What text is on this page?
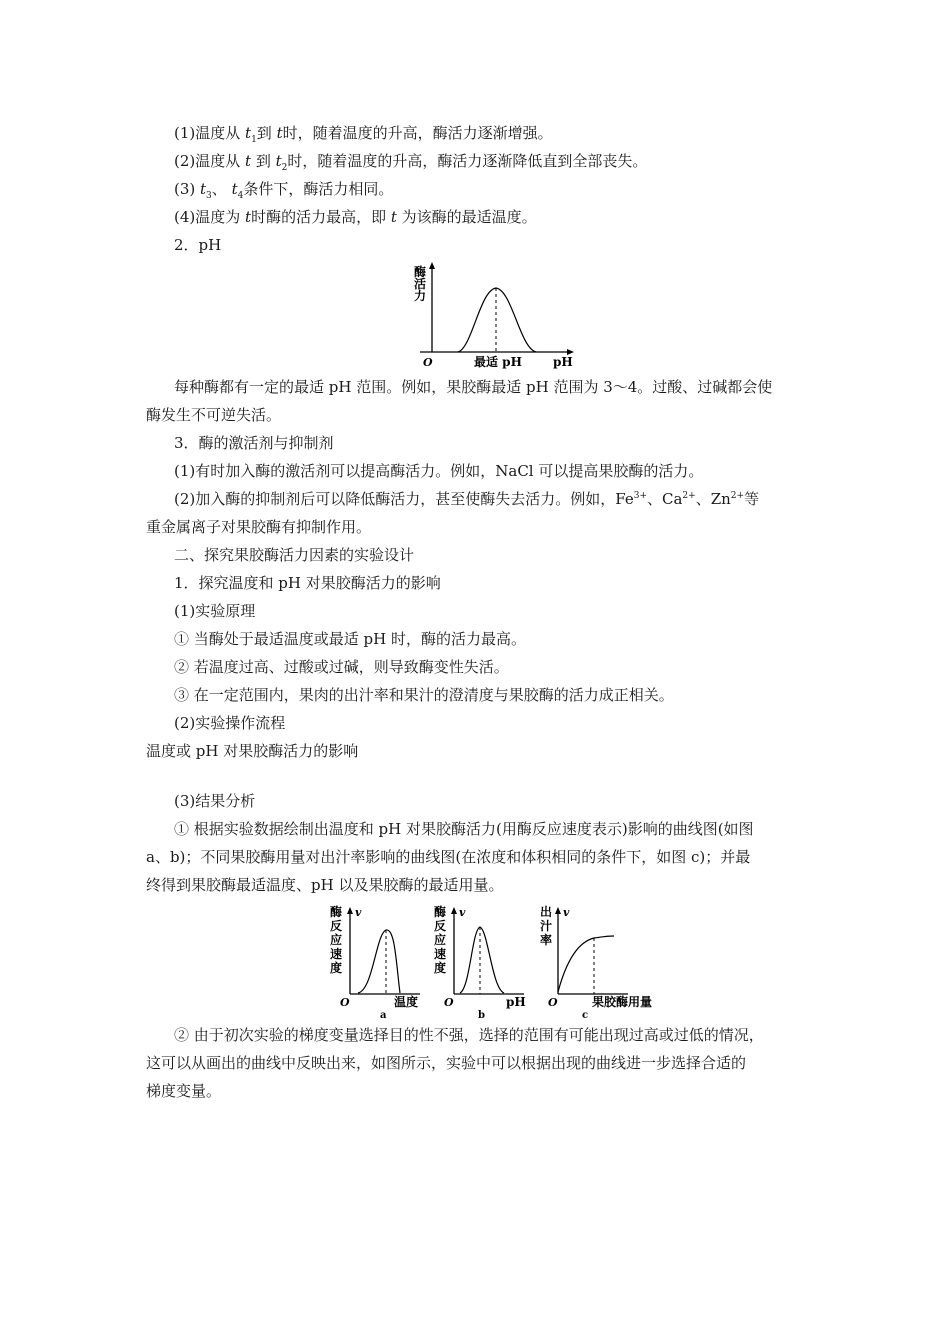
(1)温度从 $t_1$到 t时，随着温度的升高，酶活力逐渐增强。
(2)温度从 t 到 $t_2$时，随着温度的升高，酶活力逐渐降低直到全部丧失。
(3) $t_3$、 $t_4$条件下，酶活力相同。
(4)温度为 t时酶的活力最高，即 t 为该酶的最适温度。
2．pH
酶
活
力
O	最适 pH	pH
每种酶都有一定的最适 pH 范围。例如，果胶酶最适 pH 范围为 3～4。过酸、过碱都会使
酶发生不可逆失活。
3．酶的激活剂与抑制剂
(1)有时加入酶的激活剂可以提高酶活力。例如，NaCl 可以提高果胶酶的活力。
(2)加入酶的抑制剂后可以降低酶活力，甚至使酶失去活力。例如，$Fe^{3+}$、$Ca^{2+}$、$Zn^{2+}$等
重金属离子对果胶酶有抑制作用。
二、探究果胶酶活力因素的实验设计
1．探究温度和 pH 对果胶酶活力的影响
(1)实验原理
① 当酶处于最适温度或最适 pH 时，酶的活力最高。
② 若温度过高、过酸或过碱，则导致酶变性失活。
③ 在一定范围内，果肉的出汁率和果汁的澄清度与果胶酶的活力成正相关。
(2)实验操作流程
温度或 pH 对果胶酶活力的影响
(3)结果分析
① 根据实验数据绘制出温度和 pH 对果胶酶活力(用酶反应速度表示)影响的曲线图(如图
a、b)；不同果胶酶用量对出汁率影响的曲线图(在浓度和体积相同的条件下，如图 c)；并最
终得到果胶酶最适温度、pH 以及果胶酶的最适用量。
酶
反
应
速
度
v
O	温度
a
酶
反
应
速
度
v
O	pH
b
出
汁
率
v
O	果胶酶用量
c
② 由于初次实验的梯度变量选择目的性不强，选择的范围有可能出现过高或过低的情况，
这可以从画出的曲线中反映出来，如图所示，实验中可以根据出现的曲线进一步选择合适的
梯度变量。
